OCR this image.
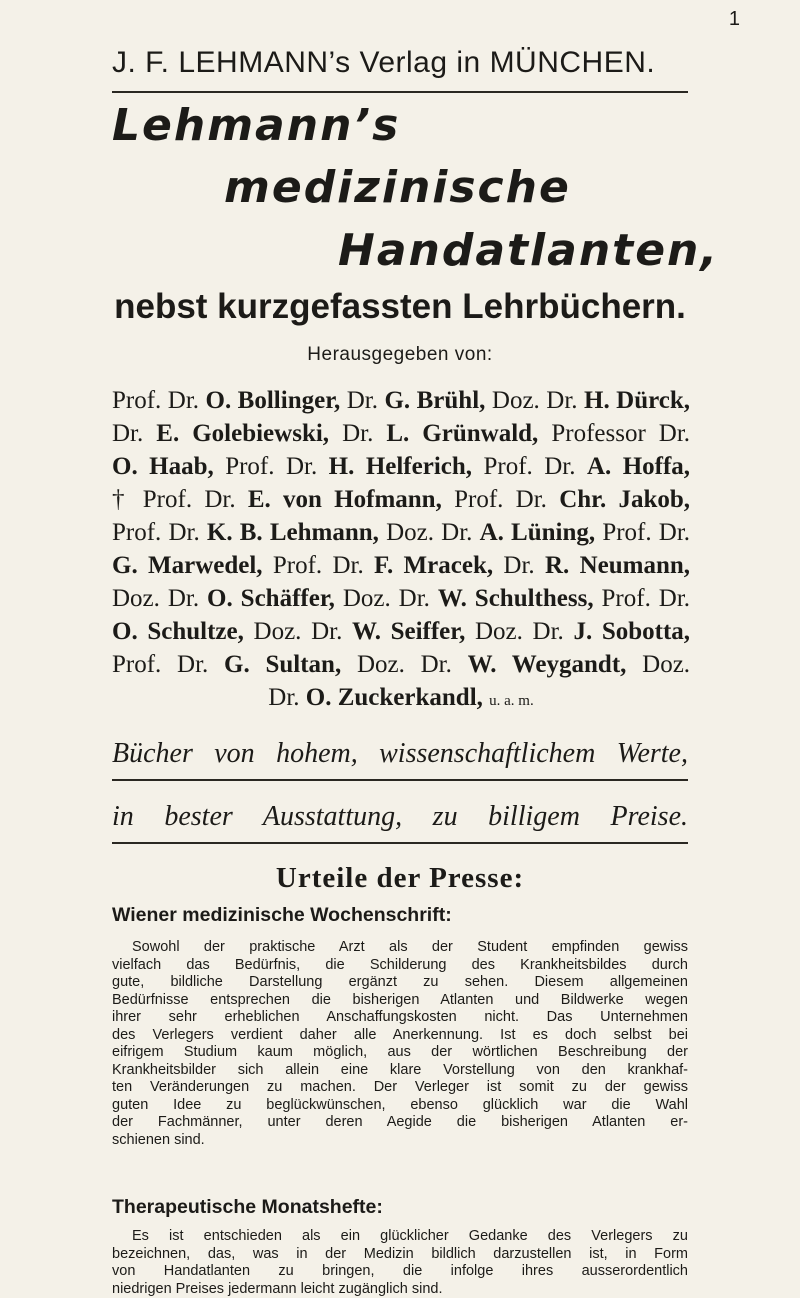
1
J. F. LEHMANN’s Verlag in MÜNCHEN.
Lehmann’s
medizinische
Handatlanten,
nebst kurzgefassten Lehrbüchern.
Herausgegeben von:
Prof. Dr. O. Bollinger, Dr. G. Brühl, Doz. Dr. H. Dürck,
Dr. E. Golebiewski, Dr. L. Grünwald, Professor Dr.
O. Haab, Prof. Dr. H. Helferich, Prof. Dr. A. Hoffa,
† Prof. Dr. E. von Hofmann, Prof. Dr. Chr. Jakob,
Prof. Dr. K. B. Lehmann, Doz. Dr. A. Lüning, Prof. Dr.
G. Marwedel, Prof. Dr. F. Mracek, Dr. R. Neumann,
Doz. Dr. O. Schäffer, Doz. Dr. W. Schulthess, Prof. Dr.
O. Schultze, Doz. Dr. W. Seiffer, Doz. Dr. J. Sobotta,
Prof. Dr. G. Sultan, Doz. Dr. W. Weygandt, Doz.
Dr. O. Zuckerkandl, u. a. m.
Bücher von hohem, wissenschaftlichem Werte,
in bester Ausstattung, zu billigem Preise.
Urteile der Presse:
Wiener medizinische Wochenschrift:
Sowohl der praktische Arzt als der Student empfinden gewiss
vielfach das Bedürfnis, die Schilderung des Krankheitsbildes durch
gute, bildliche Darstellung ergänzt zu sehen. Diesem allgemeinen
Bedürfnisse entsprechen die bisherigen Atlanten und Bildwerke wegen
ihrer sehr erheblichen Anschaffungskosten nicht. Das Unternehmen
des Verlegers verdient daher alle Anerkennung. Ist es doch selbst bei
eifrigem Studium kaum möglich, aus der wörtlichen Beschreibung der
Krankheitsbilder sich allein eine klare Vorstellung von den krankhaf-
ten Veränderungen zu machen. Der Verleger ist somit zu der gewiss
guten Idee zu beglückwünschen, ebenso glücklich war die Wahl
der Fachmänner, unter deren Aegide die bisherigen Atlanten er-
schienen sind.
Therapeutische Monatshefte:
Es ist entschieden als ein glücklicher Gedanke des Verlegers zu
bezeichnen, das, was in der Medizin bildlich darzustellen ist, in Form
von Handatlanten zu bringen, die infolge ihres ausserordentlich
niedrigen Preises jedermann leicht zugänglich sind.
